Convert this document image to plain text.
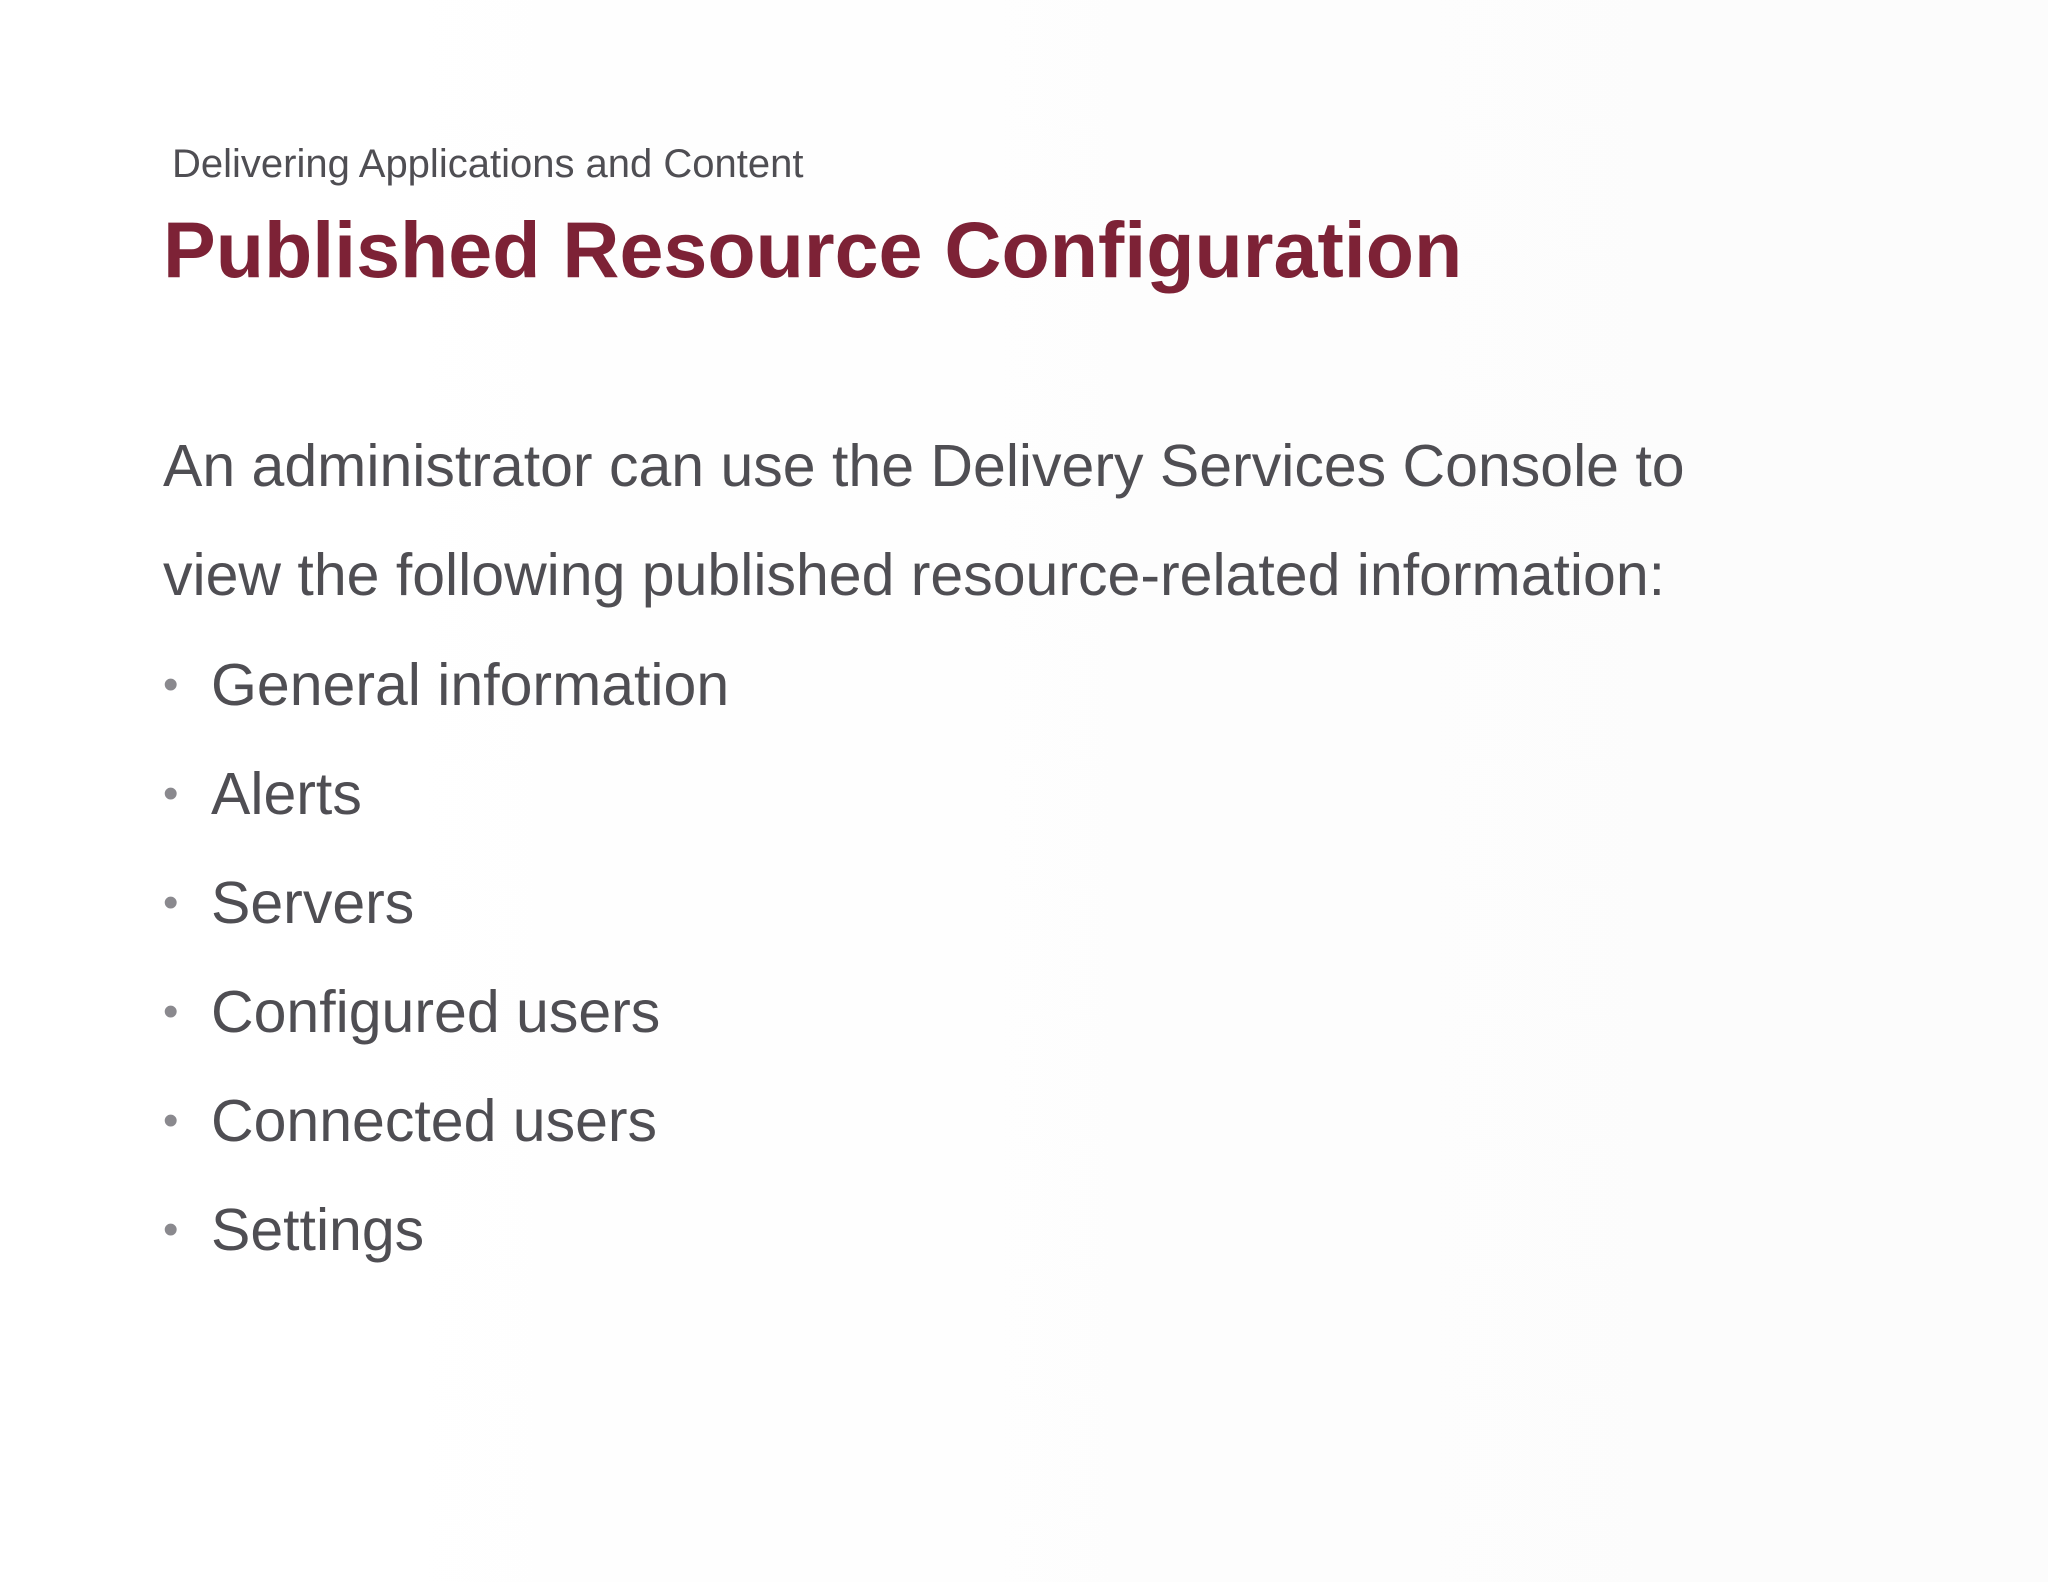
Delivering Applications and Content
Published Resource Configuration

An administrator can use the Delivery Services Console to
view the following published resource-related information:

• General information
• Alerts
• Servers
• Configured users
• Connected users
• Settings
